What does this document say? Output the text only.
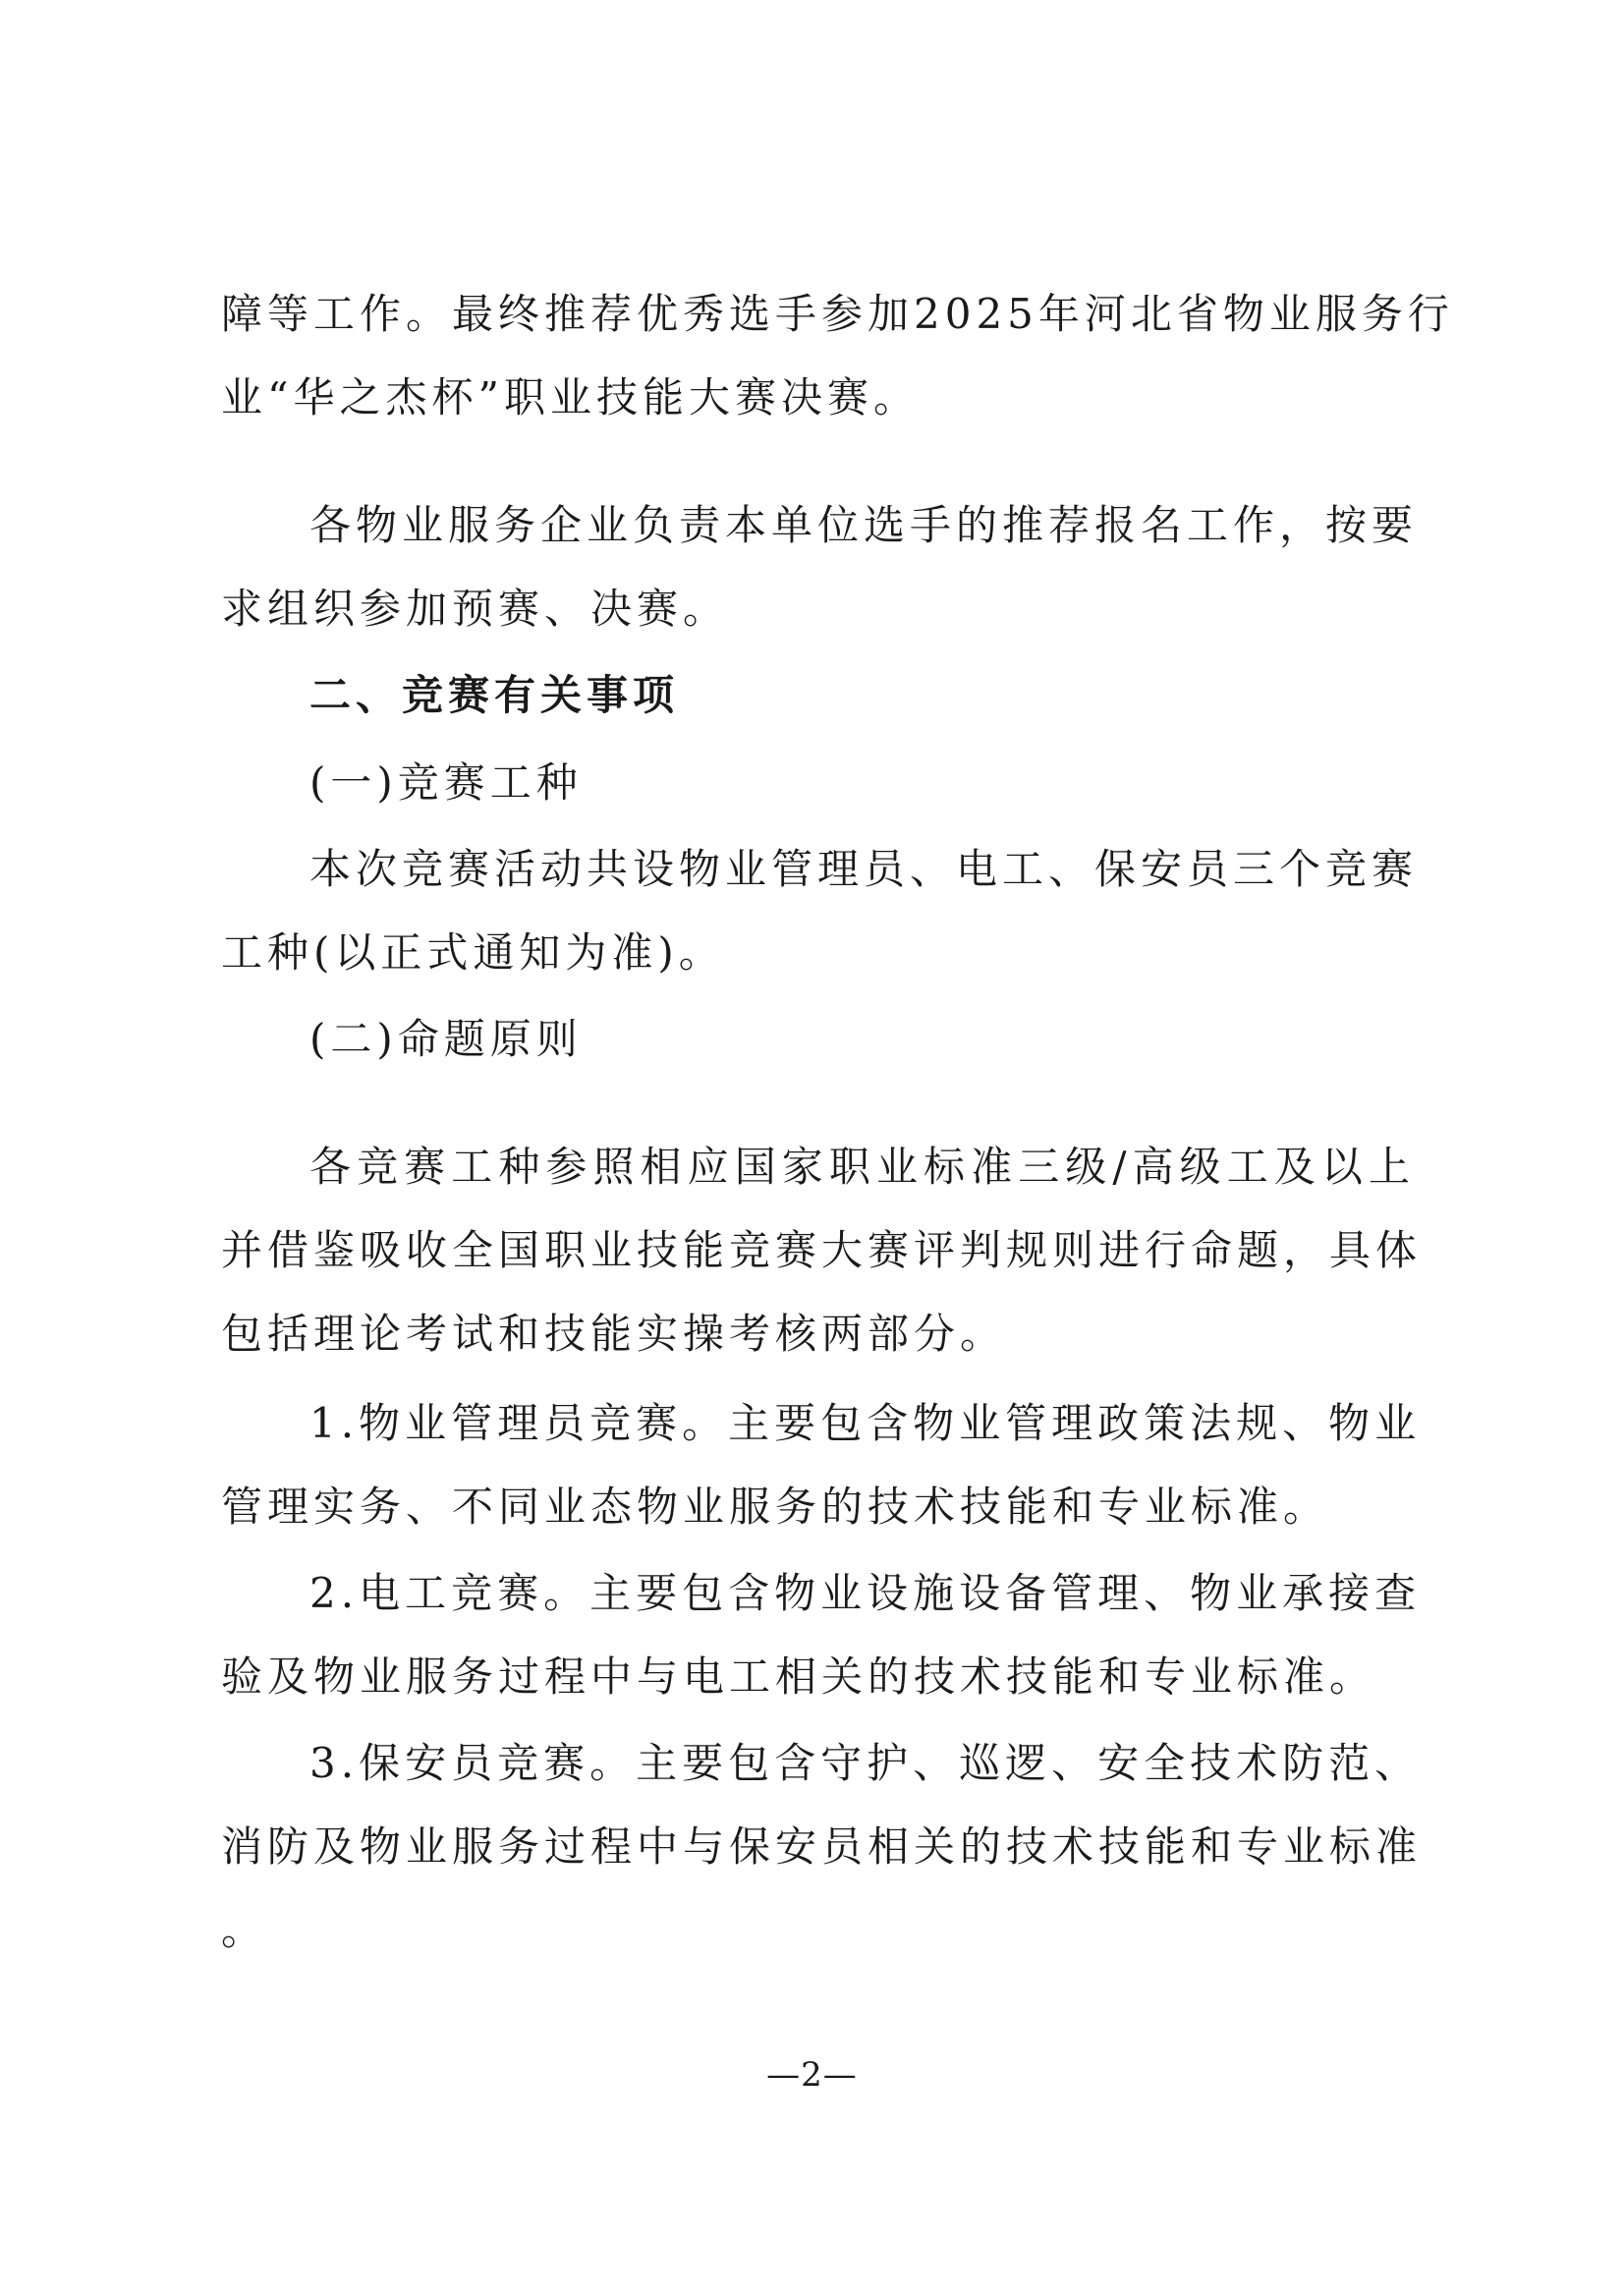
障等工作。最终推荐优秀选手参加2025年河北省物业服务行
业“华之杰杯”职业技能大赛决赛。
各物业服务企业负责本单位选手的推荐报名工作，按要
求组织参加预赛、决赛。
二、竞赛有关事项
(一)竞赛工种
本次竞赛活动共设物业管理员、电工、保安员三个竞赛
工种(以正式通知为准)。
(二)命题原则
各竞赛工种参照相应国家职业标准三级/高级工及以上
并借鉴吸收全国职业技能竞赛大赛评判规则进行命题，具体
包括理论考试和技能实操考核两部分。
1.物业管理员竞赛。主要包含物业管理政策法规、物业
管理实务、不同业态物业服务的技术技能和专业标准。
2.电工竞赛。主要包含物业设施设备管理、物业承接查
验及物业服务过程中与电工相关的技术技能和专业标准。
3.保安员竞赛。主要包含守护、巡逻、安全技术防范、
消防及物业服务过程中与保安员相关的技术技能和专业标准
。
—2—
